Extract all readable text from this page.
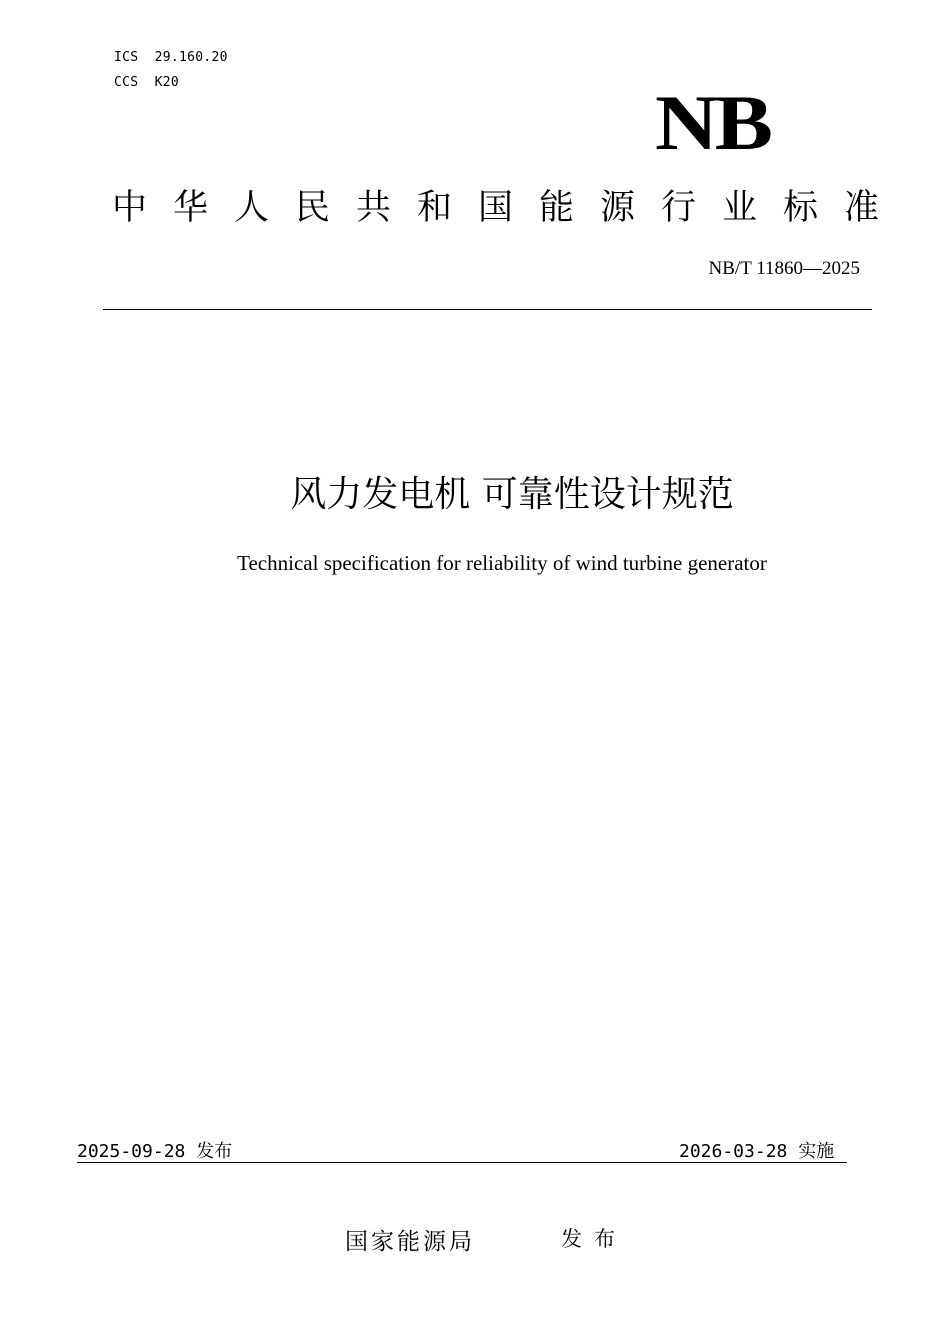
ICS  29.160.20
CCS  K20	NB
中华人民共和国能源行业标准
NB/T 11860—2025
风力发电机 可靠性设计规范
Technical specification for reliability of wind turbine generator
2025-09-28 发布	2026-03-28 实施
国家能源局	发布
